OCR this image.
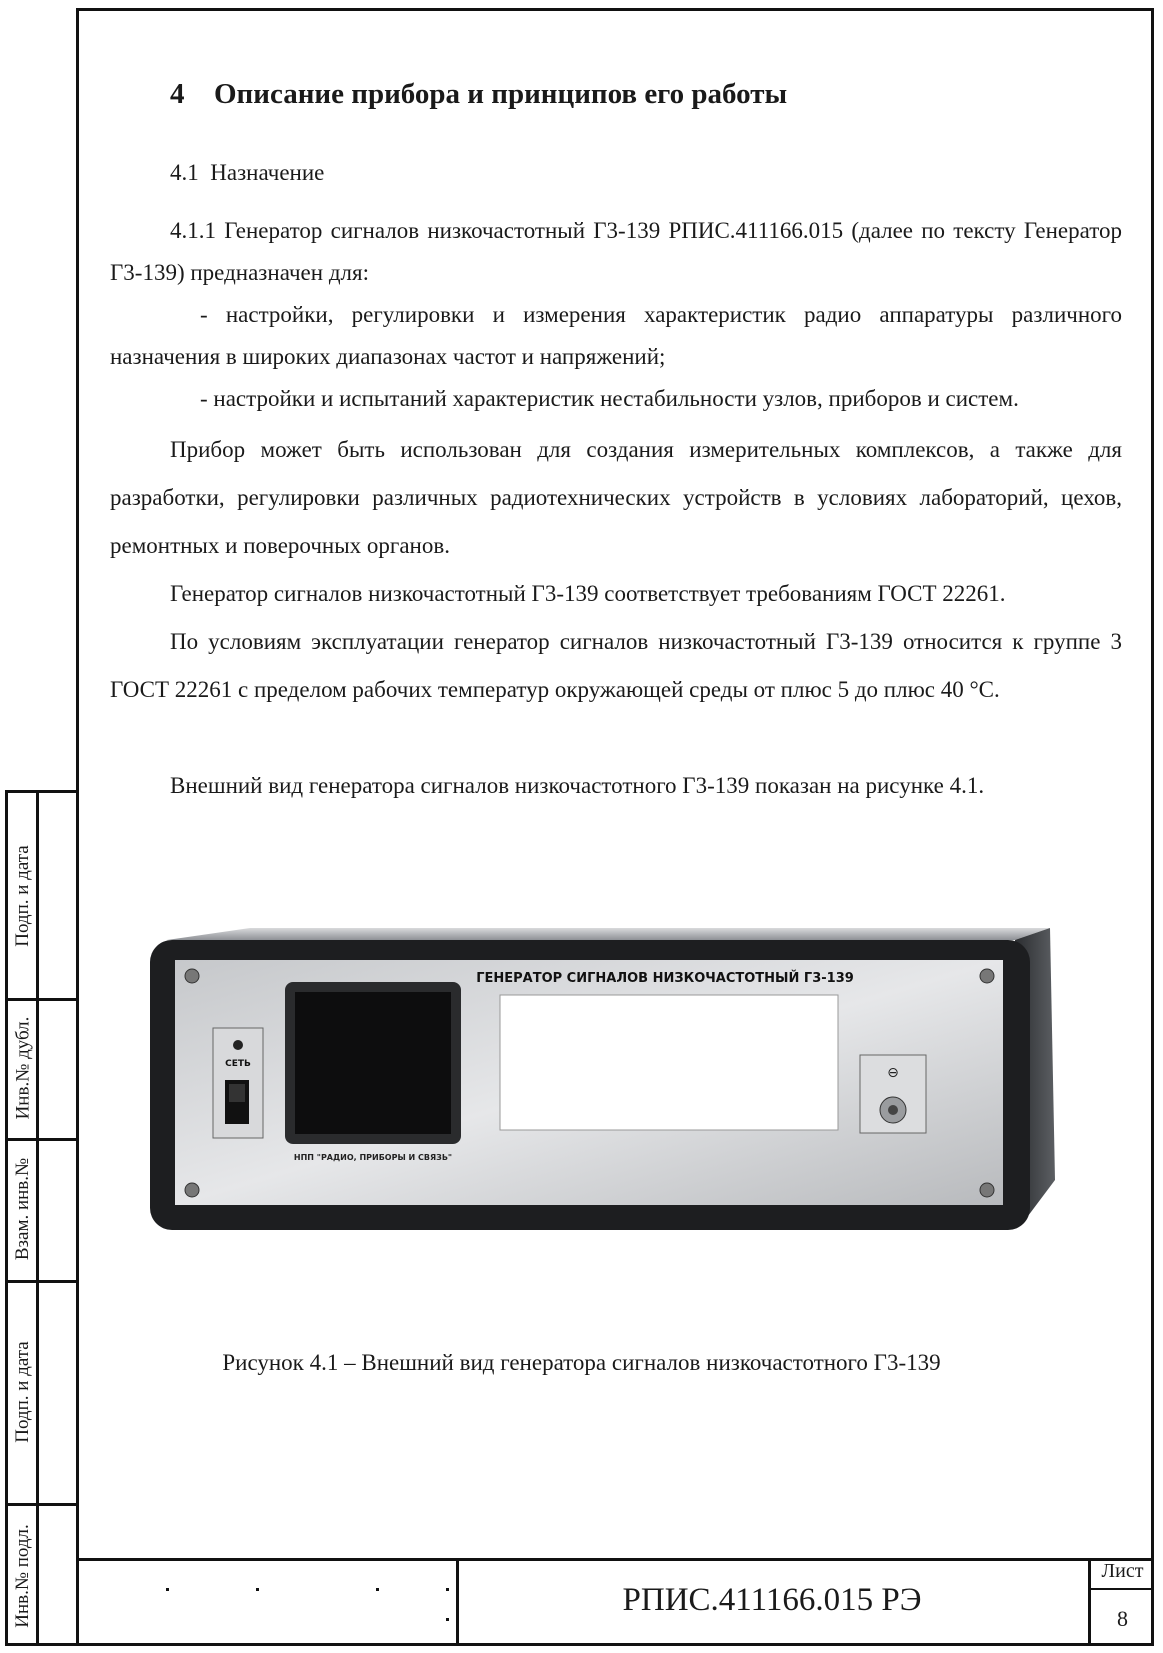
Подп. и дата
Инв.№ дубл.
Взам. инв.№
Подп. и дата
Инв.№ подл.
4 Описание прибора и принципов его работы
4.1 Назначение
4.1.1 Генератор сигналов низкочастотный Г3-139 РПИС.411166.015 (далее по тексту Генератор Г3-139) предназначен для:
- настройки, регулировки и измерения характеристик радио аппаратуры различного назначения в широких диапазонах частот и напряжений;
- настройки и испытаний характеристик нестабильности узлов, приборов и систем.
Прибор может быть использован для создания измерительных комплексов, а также для разработки, регулировки различных радиотехнических устройств в условиях лабораторий, цехов, ремонтных и поверочных органов.
Генератор сигналов низкочастотный Г3-139 соответствует требованиям ГОСТ 22261.
По условиям эксплуатации генератор сигналов низкочастотный Г3-139 относится к группе 3 ГОСТ 22261 с пределом рабочих температур окружающей среды от плюс 5 до плюс 40 °С.
Внешний вид генератора сигналов низкочастотного Г3-139 показан на рисунке 4.1.
СЕТЬ
НПП "РАДИО, ПРИБОРЫ И СВЯЗЬ"
ГЕНЕРАТОР СИГНАЛОВ НИЗКОЧАСТОТНЫЙ Г3-139
⊖
Рисунок 4.1 – Внешний вид генератора сигналов низкочастотного Г3-139
РПИС.411166.015 РЭ
Лист
8
